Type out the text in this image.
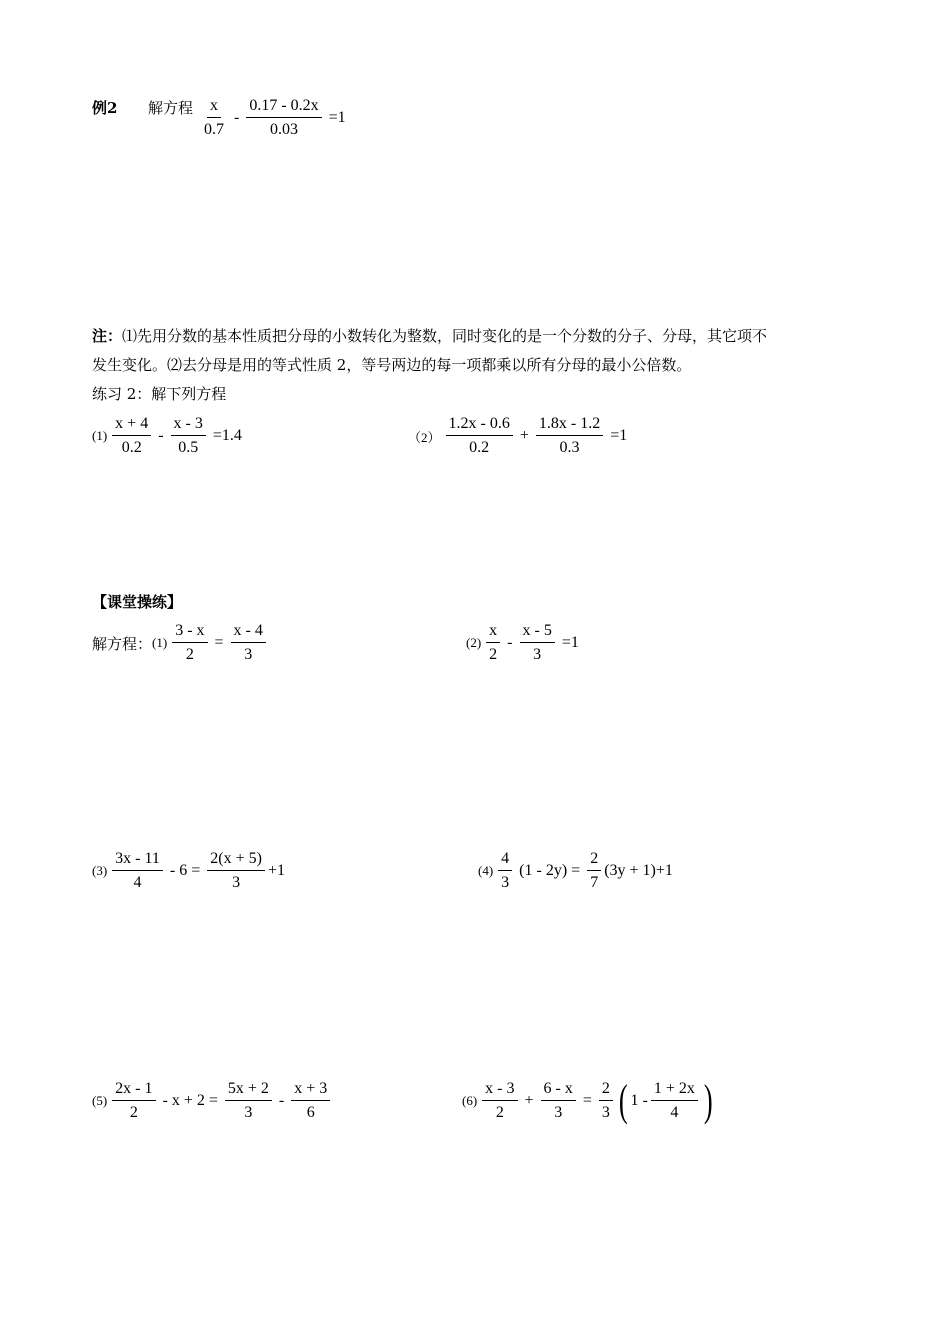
例2 解方程 $\frac{x}{0.7} - \frac{0.17 - 0.2x}{0.03} =1$
注：⑴先用分数的基本性质把分母的小数转化为整数，同时变化的是一个分数的分子、分母，其它项不
发生变化。⑵去分母是用的等式性质 2，等号两边的每一项都乘以所有分母的最小公倍数。
练习 2：解下列方程
$(1) \frac{x + 4}{0.2} - \frac{x - 3}{0.5} =1.4$	$(2) \frac{1.2x - 0.6}{0.2} + \frac{1.8x - 1.2}{0.3} =1$
【课堂操练】
解方程： $(1) \frac{3 - x}{2} = \frac{x - 4}{3}$	$(2) \frac{x}{2} - \frac{x - 5}{3} =1$
$(3) \frac{3x - 11}{4} - 6 = \frac{2(x + 5)}{3} +1$	$(4) \frac{4}{3} (1 - 2y) = \frac{2}{7} (3y + 1)+1$
$(5) \frac{2x - 1}{2} - x + 2 = \frac{5x + 2}{3} - \frac{x + 3}{6}$	$(6) \frac{x - 3}{2} + \frac{6 - x}{3} = \frac{2}{3}$ ( $1 - \frac{1 + 2x}{4}$ )
